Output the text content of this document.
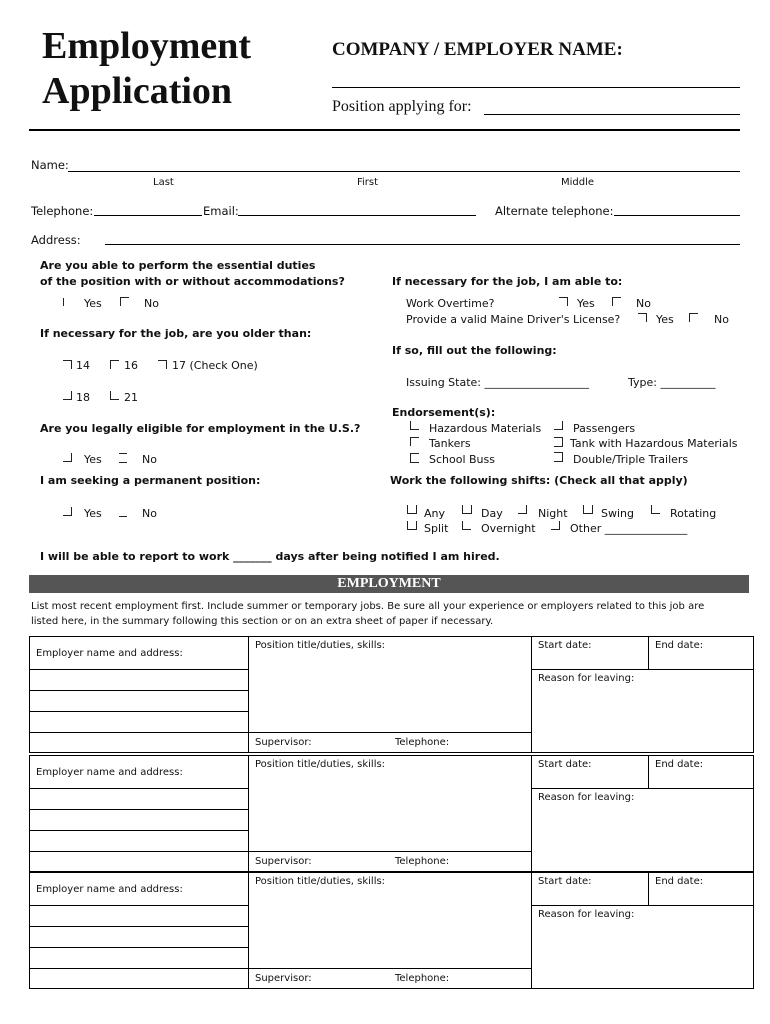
Employment
Application
COMPANY / EMPLOYER NAME:
Position applying for:
Name:
Last	First	Middle
Telephone:	Email:	Alternate telephone:
Address:
Are you able to perform the essential duties
of the position with or without accommodations?
Yes	No
If necessary for the job, are you older than:
14	16	17 (Check One)
18	21
Are you legally eligible for employment in the U.S.?
Yes	No
I am seeking a permanent position:
Yes	No
If necessary for the job, I am able to:
Work Overtime?	Yes	No
Provide a valid Maine Driver's License?	Yes	No
If so, fill out the following:
Issuing State: ___________________	Type: __________
Endorsement(s):
Hazardous Materials	Passengers
Tankers	Tank with Hazardous Materials
School Buss	Double/Triple Trailers
Work the following shifts: (Check all that apply)
Any	Day	Night	Swing	Rotating
Split	Overnight	Other _______________
I will be able to report to work _______ days after being notified I am hired.
EMPLOYMENT
List most recent employment first. Include summer or temporary jobs. Be sure all your experience or employers related to this job are
listed here, in the summary following this section or on an extra sheet of paper if necessary.
Employer name and address:	Position title/duties, skills:	Start date:	End date:
		Reason for leaving:	

	Supervisor: Telephone:		
Employer name and address:	Position title/duties, skills:	Start date:	End date:
		Reason for leaving:	

	Supervisor: Telephone:		
Employer name and address:	Position title/duties, skills:	Start date:	End date:
		Reason for leaving:	

	Supervisor: Telephone:		
